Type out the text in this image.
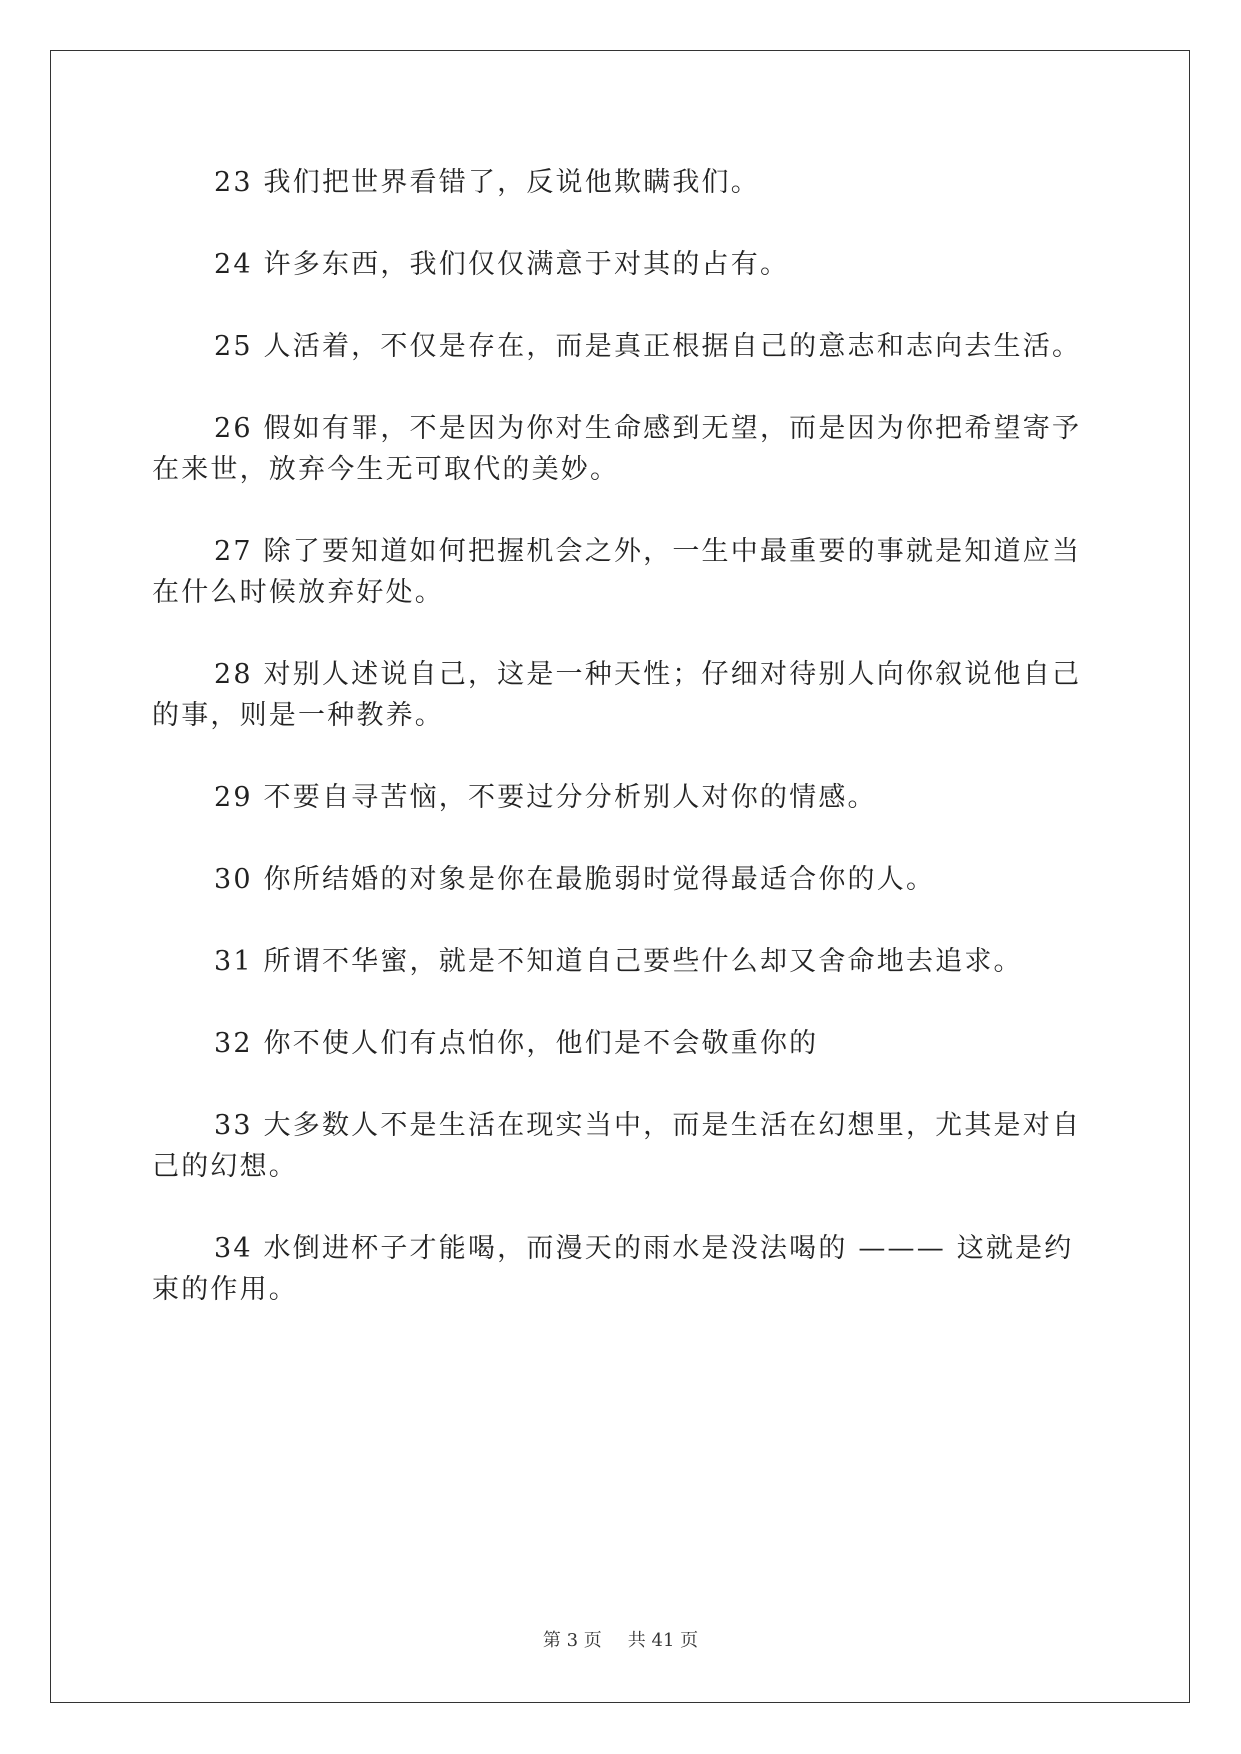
23 我们把世界看错了，反说他欺瞒我们。

24 许多东西，我们仅仅满意于对其的占有。

25 人活着，不仅是存在，而是真正根据自己的意志和志向去生活。

26 假如有罪，不是因为你对生命感到无望，而是因为你把希望寄予在来世，放弃今生无可取代的美妙。

27 除了要知道如何把握机会之外，一生中最重要的事就是知道应当在什么时候放弃好处。

28 对别人述说自己，这是一种天性；仔细对待别人向你叙说他自己的事，则是一种教养。

29 不要自寻苦恼，不要过分分析别人对你的情感。

30 你所结婚的对象是你在最脆弱时觉得最适合你的人。

31 所谓不华蜜，就是不知道自己要些什么却又舍命地去追求。

32 你不使人们有点怕你，他们是不会敬重你的

33 大多数人不是生活在现实当中，而是生活在幻想里，尤其是对自己的幻想。

34 水倒进杯子才能喝，而漫天的雨水是没法喝的 ——— 这就是约束的作用。

第 3 页 共 41 页
